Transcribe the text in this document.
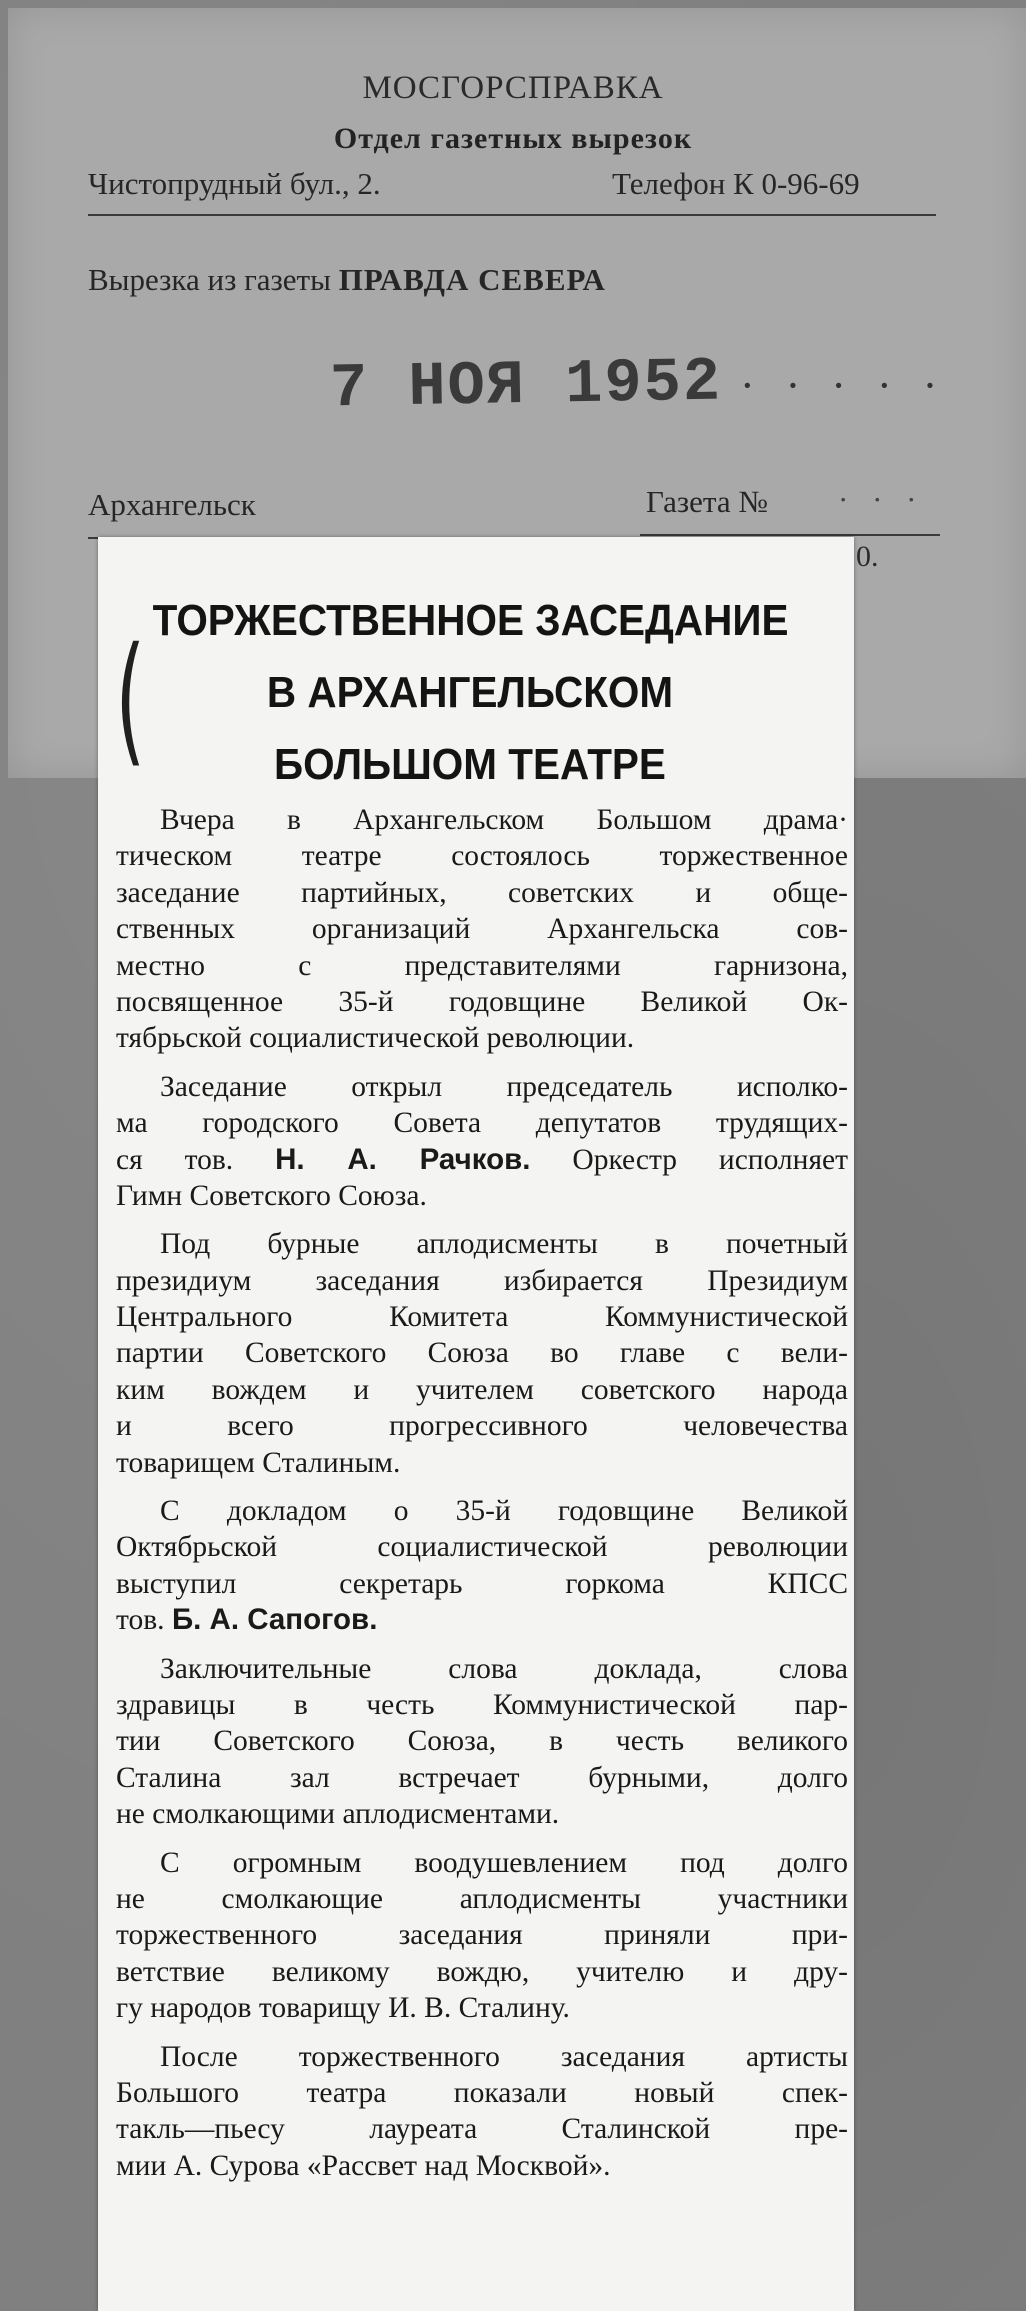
МОСГОРСПРАВКА
Отдел газетных вырезок
Чистопрудный бул., 2.	Телефон К 0-96-69
Вырезка из газеты ПРАВДА СЕВЕРА
7 НОЯ 1952 · · · · ·
Архангельск	Газета № · · ·
0.
( ТОРЖЕСТВЕННОЕ ЗАСЕДАНИЕ
В АРХАНГЕЛЬСКОМ
БОЛЬШОМ ТЕАТРЕ
Вчера в Архангельском Большом драма·
тическом театре состоялось торжественное
заседание партийных, советских и обще-
ственных организаций Архангельска сов-
местно с представителями гарнизона,
посвященное 35-й годовщине Великой Ок-
тябрьской социалистической революции.
Заседание открыл председатель исполко-
ма городского Совета депутатов трудящих-
ся тов. Н. А. Рачков. Оркестр исполняет
Гимн Советского Союза.
Под бурные аплодисменты в почетный
президиум заседания избирается Президиум
Центрального Комитета Коммунистической
партии Советского Союза во главе с вели-
ким вождем и учителем советского народа
и всего прогрессивного человечества
товарищем Сталиным.
С докладом о 35-й годовщине Великой
Октябрьской социалистической революции
выступил секретарь горкома КПСС
тов. Б. А. Сапогов.
Заключительные слова доклада, слова
здравицы в честь Коммунистической пар-
тии Советского Союза, в честь великого
Сталина зал встречает бурными, долго
не смолкающими аплодисментами.
С огромным воодушевлением под долго
не смолкающие аплодисменты участники
торжественного заседания приняли при-
ветствие великому вождю, учителю и дру-
гу народов товарищу И. В. Сталину.
После торжественного заседания артисты
Большого театра показали новый спек-
такль—пьесу лауреата Сталинской пре-
мии А. Сурова «Рассвет над Москвой».
